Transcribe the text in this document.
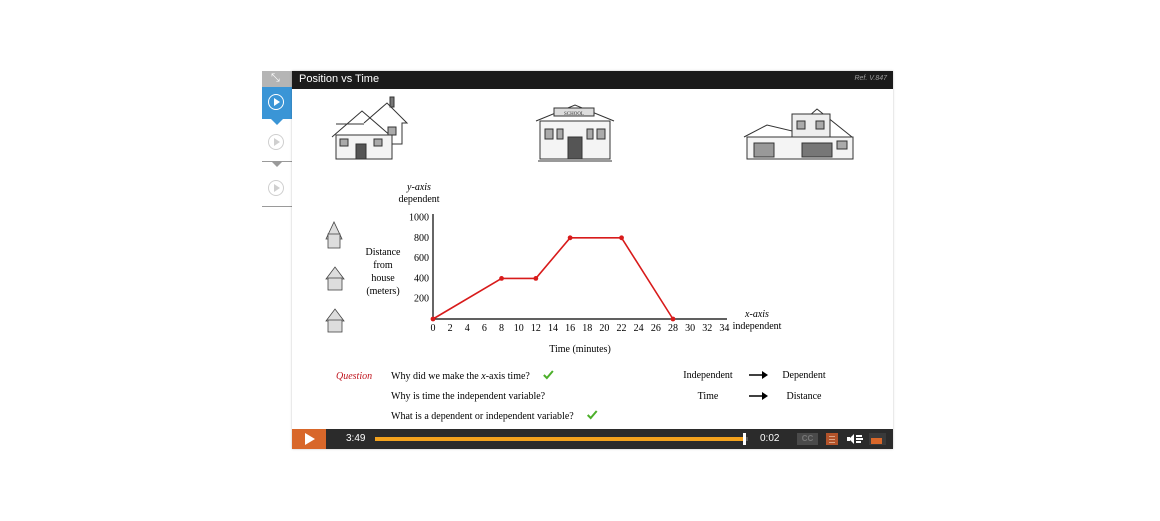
⤡ Position vs Time	Ref. V.847
SCHOOL
y-axis
dependent
x-axis
independent
Distance
from
house
(meters)
0 2 4 6 8 10 12 14 16 18 20 22 24 26 28 30 32 34
200
400
600
800
1000
Time (minutes)
Question Why did we make the x-axis time?
Why is time the independent variable?
What is a dependent or independent variable?
Independent	Dependent
Time	Distance
3:49	0:02	CC
